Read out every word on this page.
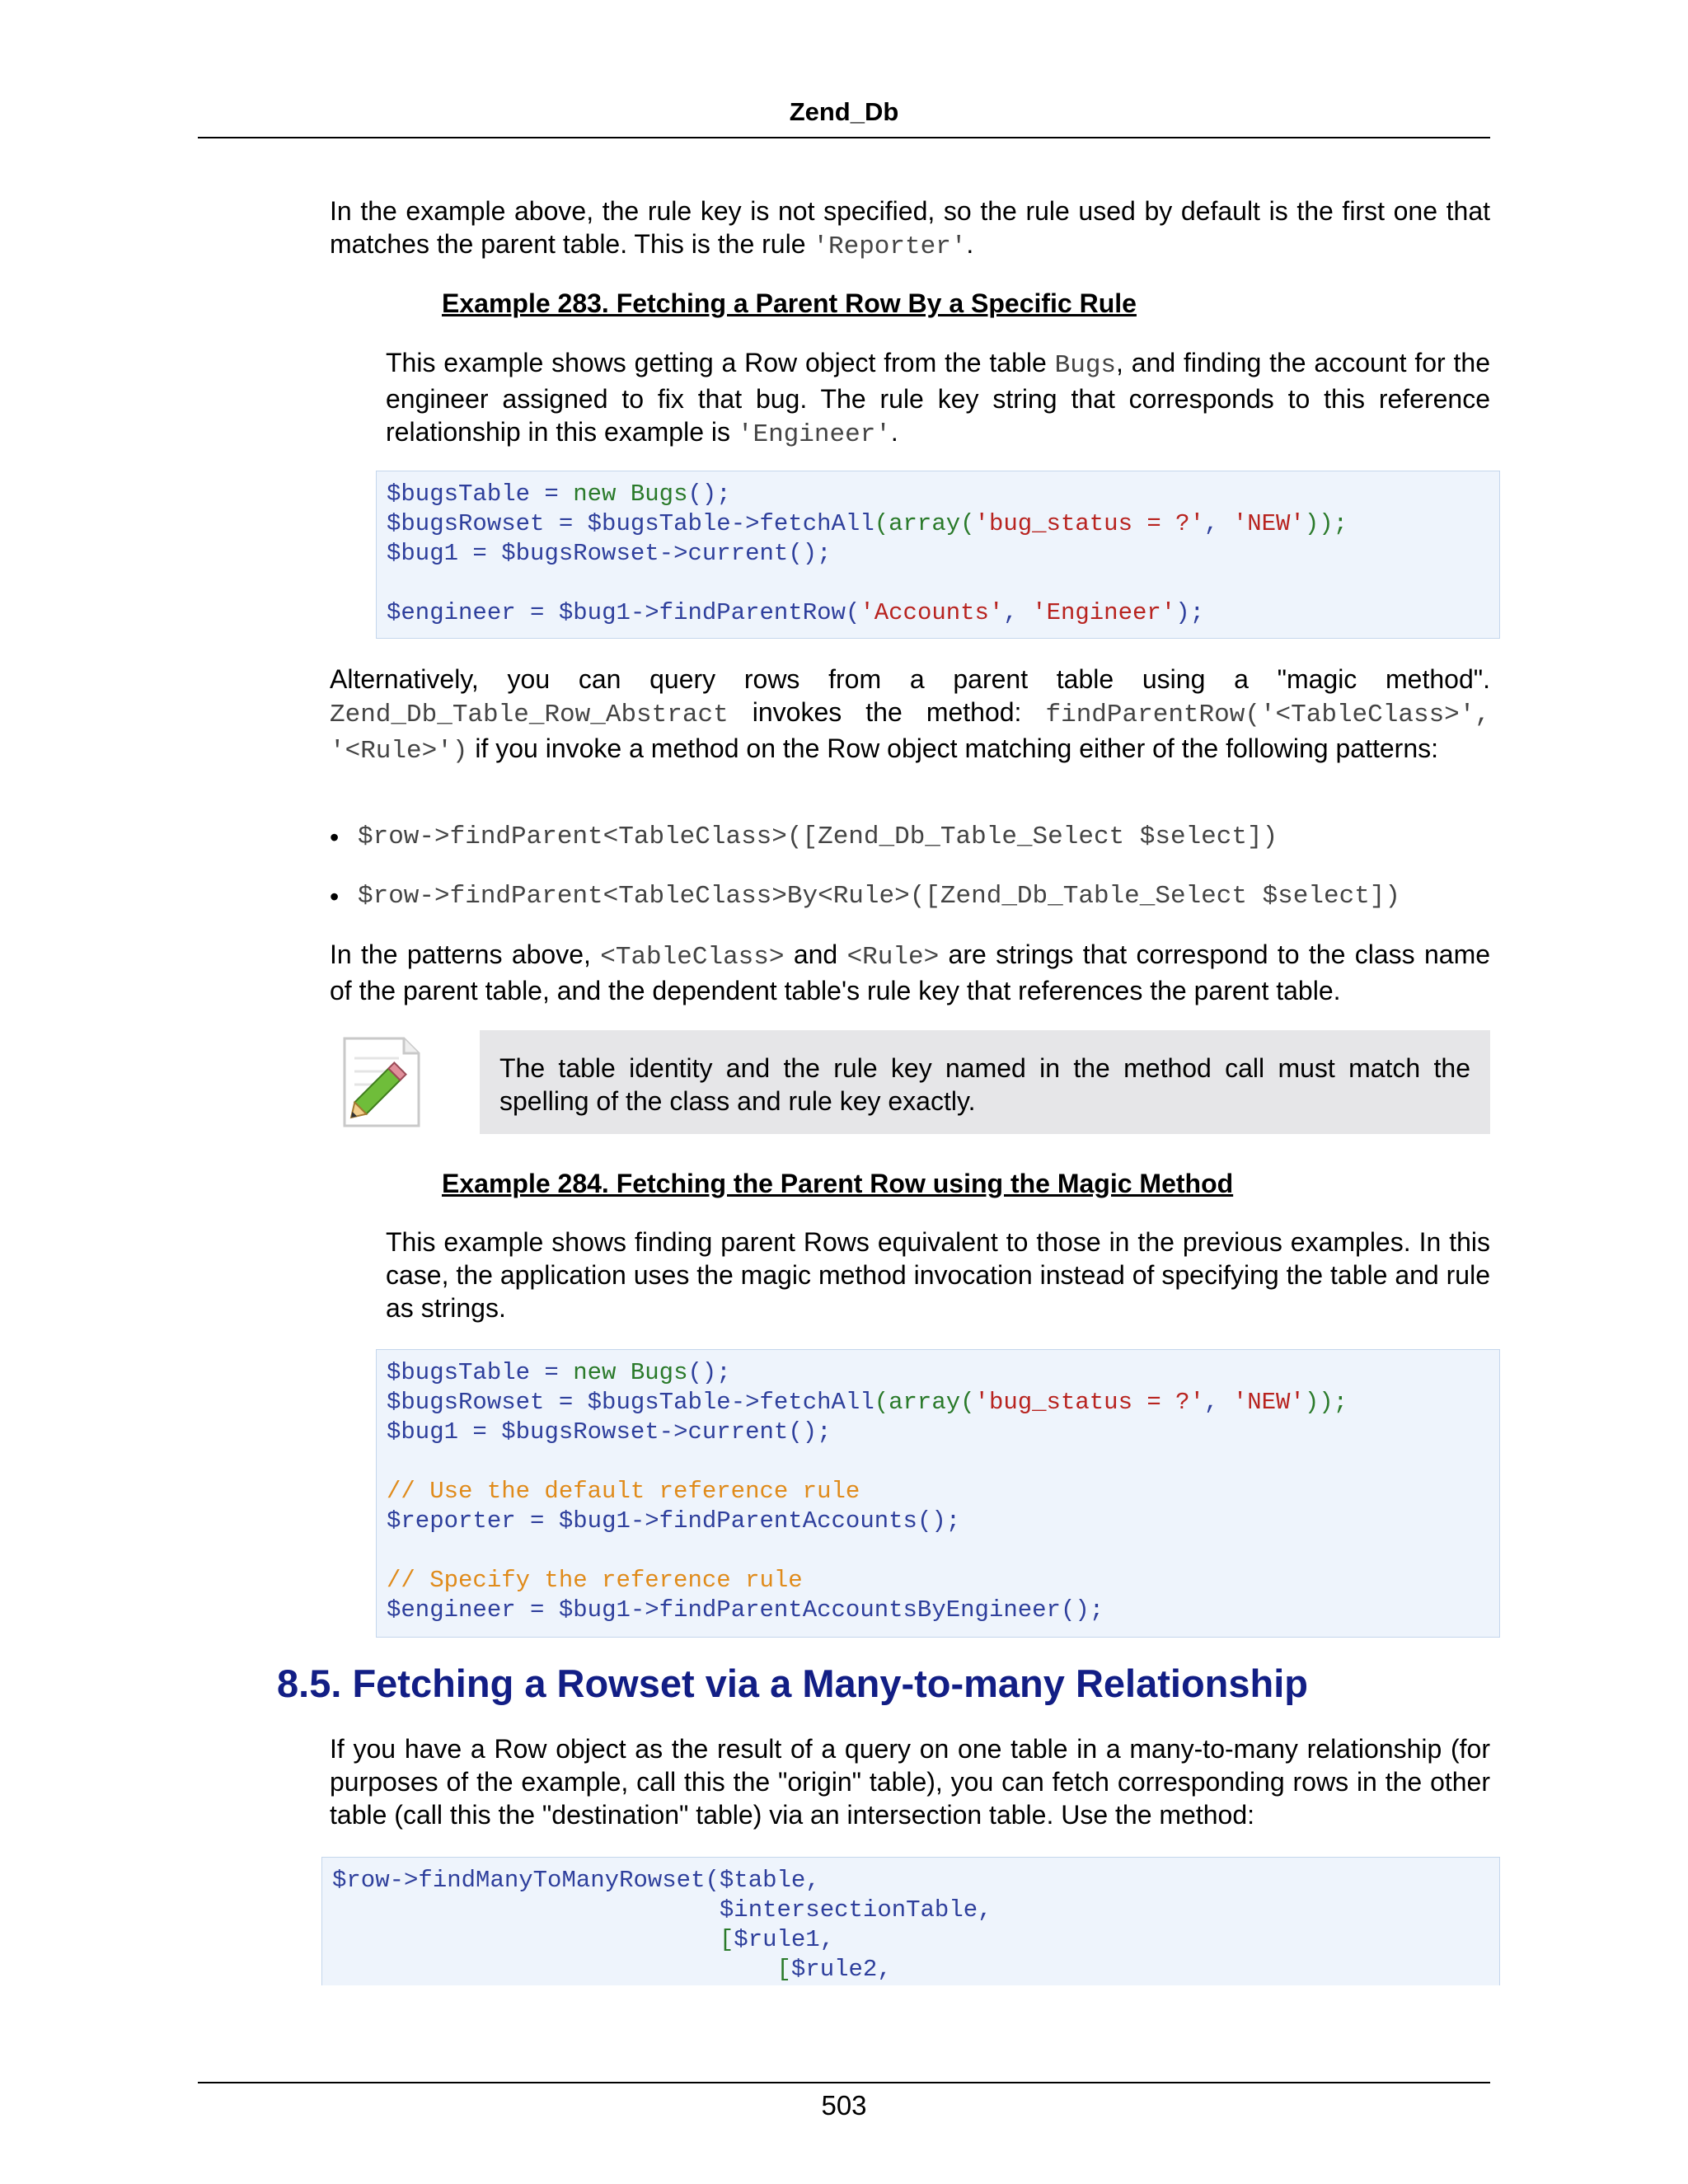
Zend_Db

In the example above, the rule key is not specified, so the rule used by default is the first one that matches the parent table. This is the rule 'Reporter'.

Example 283. Fetching a Parent Row By a Specific Rule

This example shows getting a Row object from the table Bugs, and finding the account for the engineer assigned to fix that bug. The rule key string that corresponds to this reference relationship in this example is 'Engineer'.

$bugsTable = new Bugs();
$bugsRowset = $bugsTable->fetchAll(array('bug_status = ?', 'NEW'));
$bug1 = $bugsRowset->current();
$engineer = $bug1->findParentRow('Accounts', 'Engineer');

Alternatively, you can query rows from a parent table using a "magic method". Zend_Db_Table_Row_Abstract invokes the method: findParentRow('<TableClass>', '<Rule>') if you invoke a method on the Row object matching either of the following patterns:

• $row->findParent<TableClass>([Zend_Db_Table_Select $select])
• $row->findParent<TableClass>By<Rule>([Zend_Db_Table_Select $select])

In the patterns above, <TableClass> and <Rule> are strings that correspond to the class name of the parent table, and the dependent table's rule key that references the parent table.

The table identity and the rule key named in the method call must match the spelling of the class and rule key exactly.

Example 284. Fetching the Parent Row using the Magic Method

This example shows finding parent Rows equivalent to those in the previous examples. In this case, the application uses the magic method invocation instead of specifying the table and rule as strings.

$bugsTable = new Bugs();
$bugsRowset = $bugsTable->fetchAll(array('bug_status = ?', 'NEW'));
$bug1 = $bugsRowset->current();
// Use the default reference rule
$reporter = $bug1->findParentAccounts();
// Specify the reference rule
$engineer = $bug1->findParentAccountsByEngineer();
8.5. Fetching a Rowset via a Many-to-many Relationship

If you have a Row object as the result of a query on one table in a many-to-many relationship (for purposes of the example, call this the "origin" table), you can fetch corresponding rows in the other table (call this the "destination" table) via an intersection table. Use the method:

$row->findManyToManyRowset($table,
$intersectionTable,
[$rule1,
[$rule2,
503
